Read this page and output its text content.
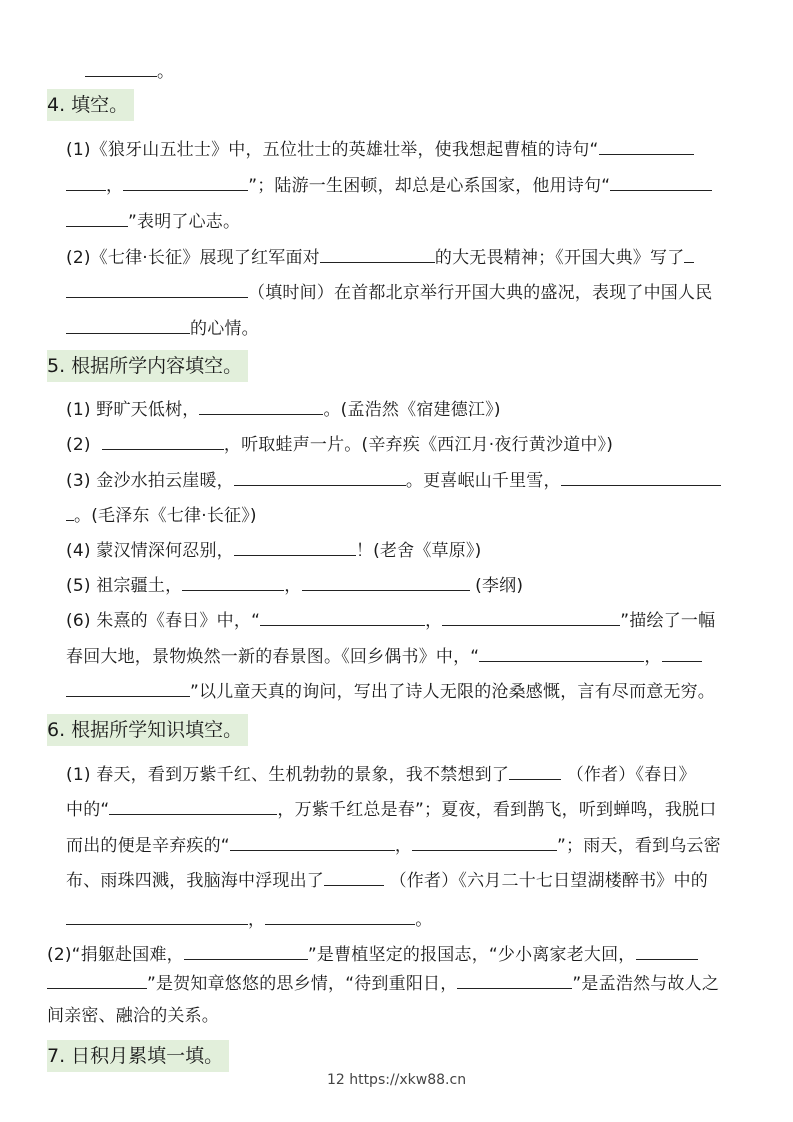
。
4. 填空。
(1)《狼牙山五壮士》中，五位壮士的英雄壮举，使我想起曹植的诗句“
，	”；陆游一生困顿，却总是心系国家，他用诗句“
”表明了心志。
(2)《七律·长征》展现了红军面对	的大无畏精神；《开国大典》写了
（填时间）在首都北京举行开国大典的盛况，表现了中国人民
的心情。
5. 根据所学内容填空。
(1) 野旷天低树，	。(孟浩然《宿建德江》)
(2)	，听取蛙声一片。(辛弃疾《西江月·夜行黄沙道中》)
(3) 金沙水拍云崖暖，	。更喜岷山千里雪，
。(毛泽东《七律·长征》)
(4) 蒙汉情深何忍别，	！(老舍《草原》)
(5) 祖宗疆土，	，	(李纲)
(6) 朱熹的《春日》中，“	，	”描绘了一幅
春回大地，景物焕然一新的春景图。《回乡偶书》中，“	，
”以儿童天真的询问，写出了诗人无限的沧桑感慨，言有尽而意无穷。
6. 根据所学知识填空。
(1) 春天，看到万紫千红、生机勃勃的景象，我不禁想到了	（作者）《春日》
中的“	，万紫千红总是春”；夏夜，看到鹊飞，听到蝉鸣，我脱口
而出的便是辛弃疾的“	，	”；雨天，看到乌云密
布、雨珠四溅，我脑海中浮现出了	（作者）《六月二十七日望湖楼醉书》中的
，	。
(2)“捐躯赴国难，	”是曹植坚定的报国志，“少小离家老大回，
”是贺知章悠悠的思乡情，“待到重阳日，	”是孟浩然与故人之
间亲密、融洽的关系。
7. 日积月累填一填。
12 https://xkw88.cn
